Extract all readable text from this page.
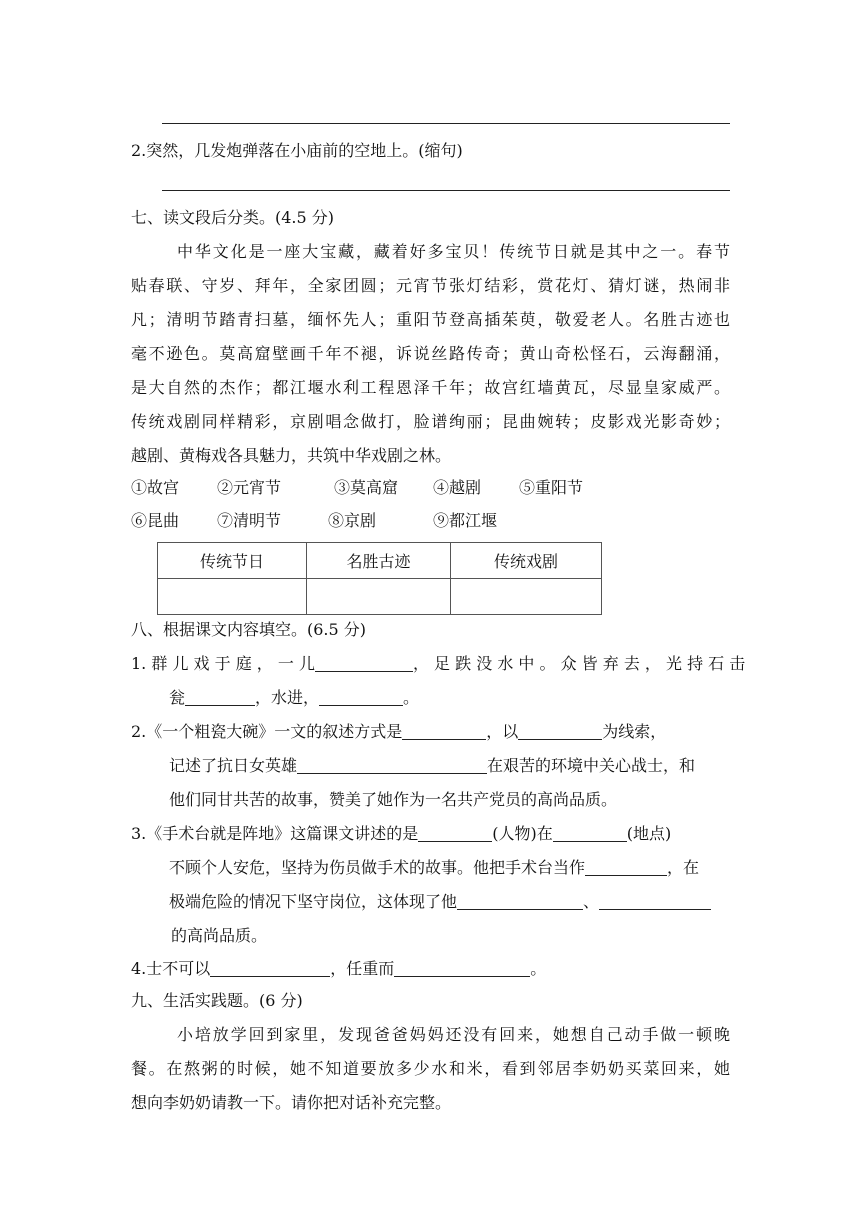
2.突然，几发炮弹落在小庙前的空地上。(缩句)
七、读文段后分类。(4.5 分)
中华文化是一座大宝藏，藏着好多宝贝！传统节日就是其中之一。春节
贴春联、守岁、拜年，全家团圆；元宵节张灯结彩，赏花灯、猜灯谜，热闹非
凡；清明节踏青扫墓，缅怀先人；重阳节登高插茱萸，敬爱老人。名胜古迹也
毫不逊色。莫高窟壁画千年不褪，诉说丝路传奇；黄山奇松怪石，云海翻涌，
是大自然的杰作；都江堰水利工程恩泽千年；故宫红墙黄瓦，尽显皇家威严。
传统戏剧同样精彩，京剧唱念做打，脸谱绚丽；昆曲婉转；皮影戏光影奇妙；
越剧、黄梅戏各具魅力，共筑中华戏剧之林。
①故宫 ②元宵节	③莫高窟 ④越剧 ⑤重阳节
⑥昆曲 ⑦清明节	⑧京剧	⑨都江堰
传统节日	名胜古迹	传统戏剧

八、根据课文内容填空。(6.5 分)
1. 群 儿 戏 于 庭 ， 一 儿	， 足 跌 没 水 中 。 众 皆 弃 去 ， 光 持 石 击
瓮	，水进，	。
2.《一个粗瓷大碗》一文的叙述方式是	，以	为线索，
记述了抗日女英雄	在艰苦的环境中关心战士，和
他们同甘共苦的故事，赞美了她作为一名共产党员的高尚品质。
3.《手术台就是阵地》这篇课文讲述的是	(人物)在	(地点)
不顾个人安危，坚持为伤员做手术的故事。他把手术台当作	，在
极端危险的情况下坚守岗位，这体现了他	、
的高尚品质。
4.士不可以	，任重而	。
九、生活实践题。(6 分)
小培放学回到家里，发现爸爸妈妈还没有回来，她想自己动手做一顿晚
餐。在熬粥的时候，她不知道要放多少水和米，看到邻居李奶奶买菜回来，她
想向李奶奶请教一下。请你把对话补充完整。
